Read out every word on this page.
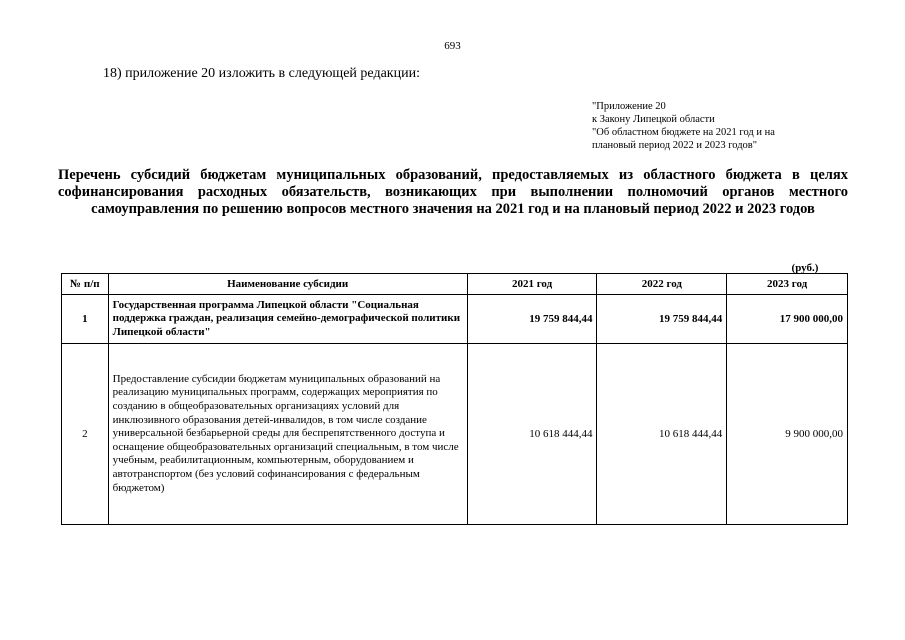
693
18) приложение 20 изложить в следующей редакции:
"Приложение 20
к Закону Липецкой области
"Об областном бюджете на 2021 год и на
плановый период 2022 и 2023 годов"
Перечень субсидий бюджетам муниципальных образований, предоставляемых из областного бюджета в целях софинансирования расходных обязательств, возникающих при выполнении полномочий органов местного самоуправления по решению вопросов местного значения на 2021 год и на плановый период 2022 и 2023 годов
(руб.)
№ п/п	Наименование субсидии	2021 год	2022 год	2023 год
1	Государственная программа Липецкой области "Социальная поддержка граждан, реализация семейно-демографической политики Липецкой области"	19 759 844,44	19 759 844,44	17 900 000,00
2	Предоставление субсидии бюджетам муниципальных образований на реализацию муниципальных программ, содержащих мероприятия по созданию в общеобразовательных организациях условий для инклюзивного образования детей-инвалидов, в том числе создание универсальной безбарьерной среды для беспрепятственного доступа и оснащение общеобразовательных организаций специальным, в том числе учебным, реабилитационным, компьютерным, оборудованием и автотранспортом (без условий софинансирования с федеральным бюджетом)	10 618 444,44	10 618 444,44	9 900 000,00
